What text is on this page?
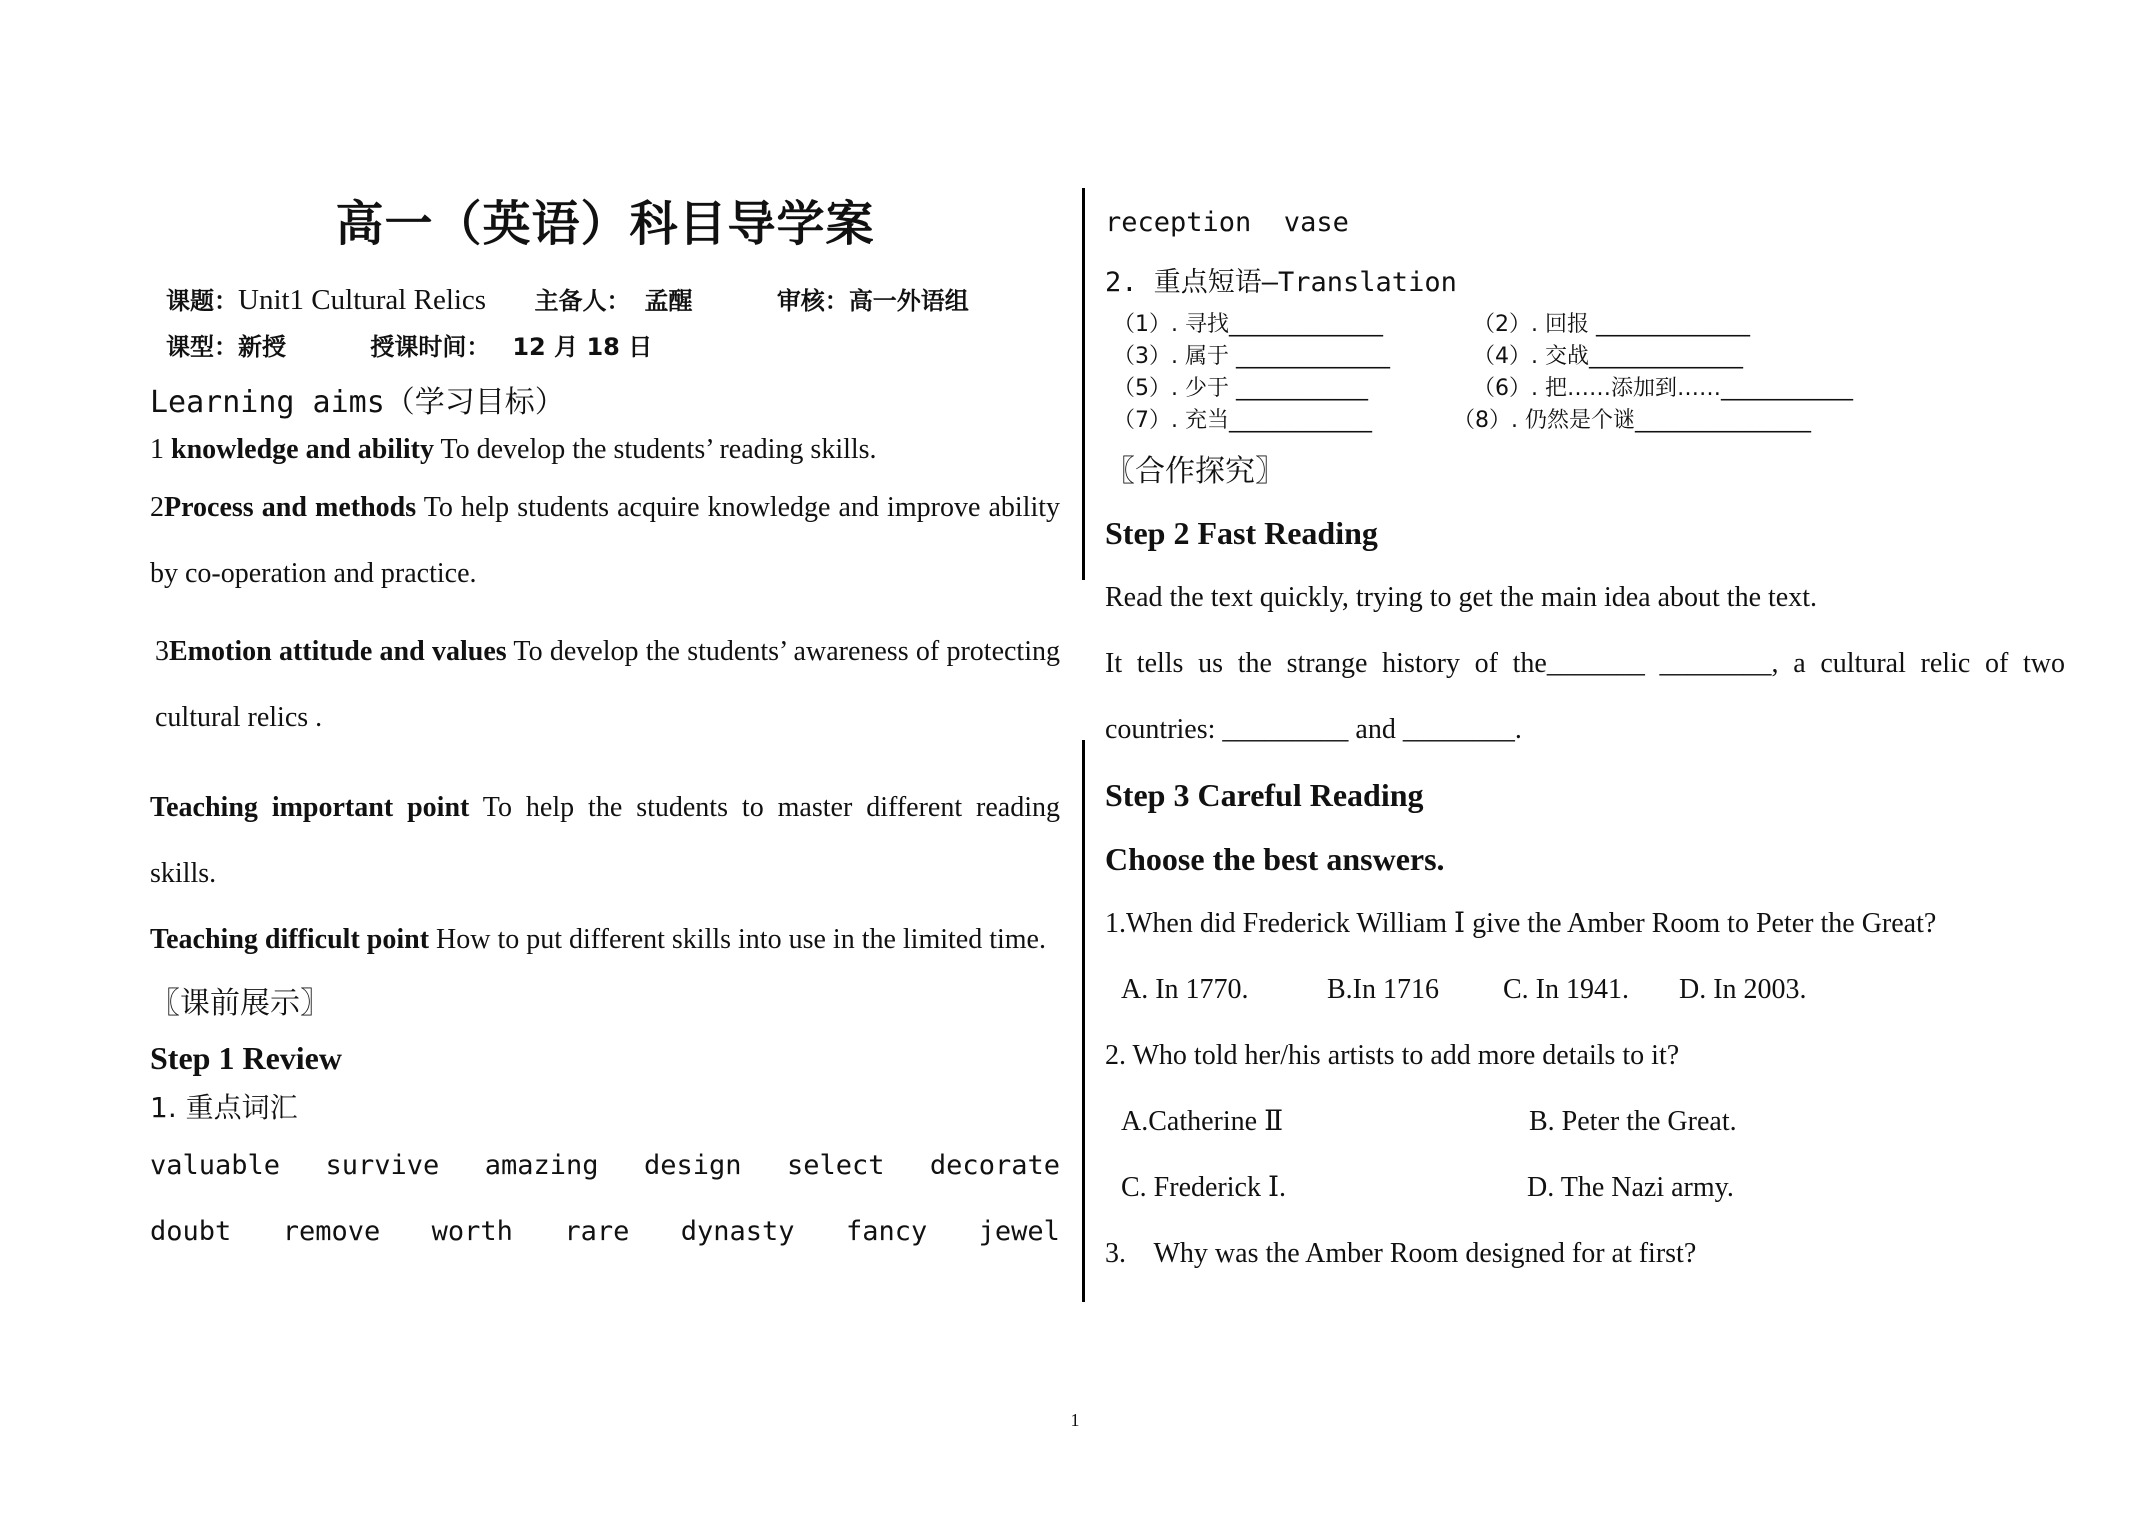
高一（英语）科目导学案
课题：Unit1 Cultural Relics 主备人： 孟醒	审核：高一外语组
课型：新授	授课时间： 12 月 18 日
Learning aims（学习目标）

1 knowledge and ability To develop the students’ reading skills.

2Process and methods To help students acquire knowledge and improve ability by co-operation and practice.

3Emotion attitude and values To develop the students’ awareness of protecting cultural relics .

Teaching important point To help the students to master different reading skills.

Teaching difficult point How to put different skills into use in the limited time.

〖课前展示〗

Step 1 Review

1. 重点词汇

valuable survive amazing design select decorate
doubt remove worth rare dynasty fancy jewel
reception  vase
2. 重点短语—Translation
（1）. 寻找______________	（2）. 回报 ______________
（3）. 属于 ______________	（4）. 交战______________
（5）. 少于 ____________	（6）. 把……添加到……____________
（7）. 充当_____________	（8）. 仍然是个谜________________

〖合作探究〗

Step 2 Fast Reading

Read the text quickly, trying to get the main idea about the text.

It tells us the strange history of the_______ ________, a cultural relic of two countries: _________ and ________.

Step 3 Careful Reading

Choose the best answers.

1.When did Frederick William Ⅰ give the Amber Room to Peter the Great?

A. In 1770.	B.In 1716 C. In 1941. D. In 2003.

2. Who told her/his artists to add more details to it?

A.Catherine Ⅱ	B. Peter the Great.
C. Frederick Ⅰ.	D. The Nazi army.

3.    Why was the Amber Room designed for at first?

1
